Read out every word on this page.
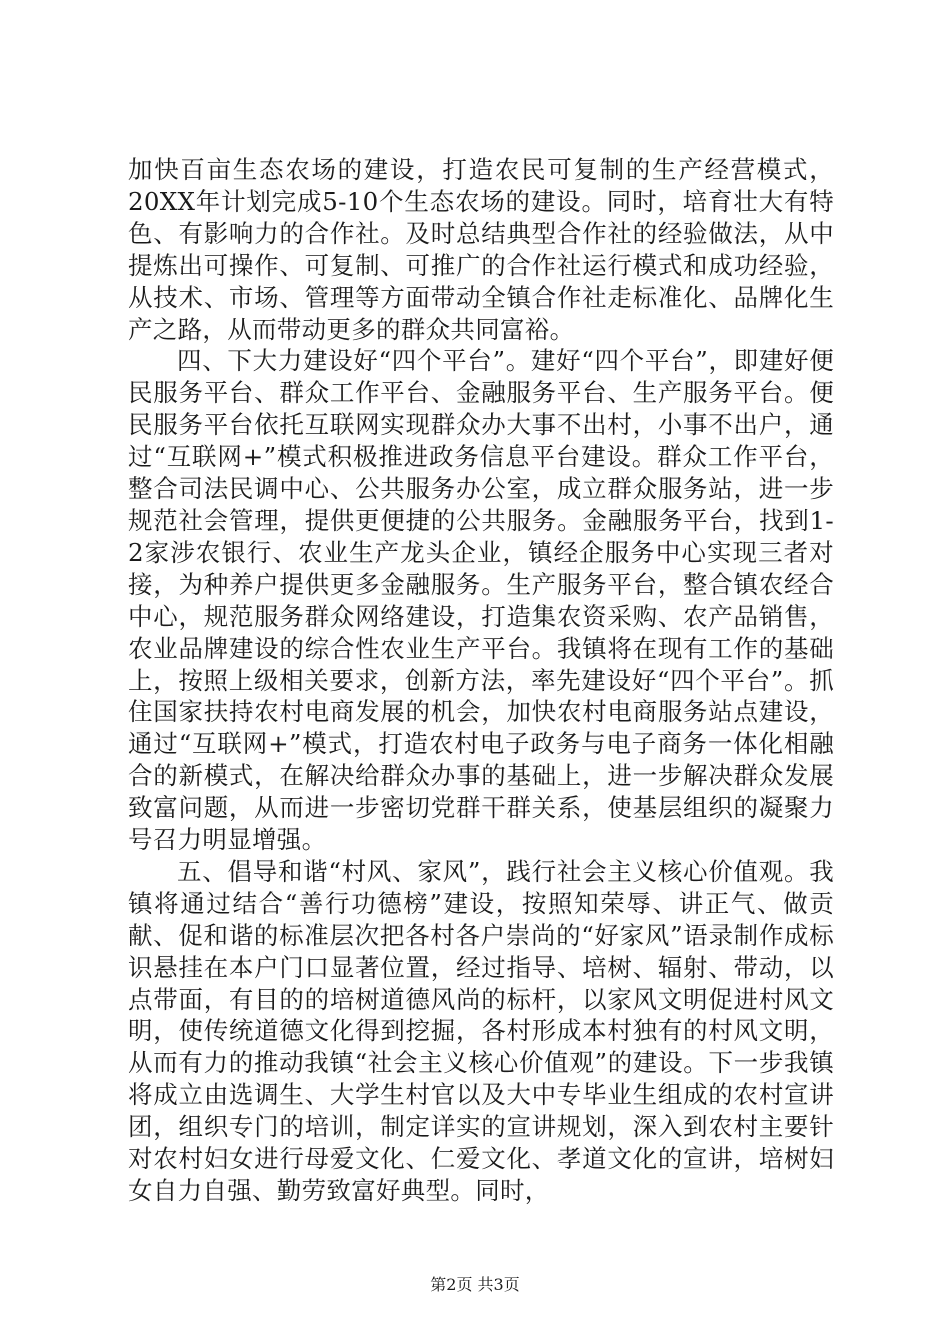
加快百亩生态农场的建设，打造农民可复制的生产经营模式，20XX年计划完成5-10个生态农场的建设。同时，培育壮大有特色、有影响力的合作社。及时总结典型合作社的经验做法，从中提炼出可操作、可复制、可推广的合作社运行模式和成功经验，从技术、市场、管理等方面带动全镇合作社走标准化、品牌化生产之路，从而带动更多的群众共同富裕。

四、下大力建设好“四个平台”。建好“四个平台”，即建好便民服务平台、群众工作平台、金融服务平台、生产服务平台。便民服务平台依托互联网实现群众办大事不出村，小事不出户，通过“互联网+”模式积极推进政务信息平台建设。群众工作平台，整合司法民调中心、公共服务办公室，成立群众服务站，进一步规范社会管理，提供更便捷的公共服务。金融服务平台，找到1-2家涉农银行、农业生产龙头企业，镇经企服务中心实现三者对接，为种养户提供更多金融服务。生产服务平台，整合镇农经合中心，规范服务群众网络建设，打造集农资采购、农产品销售，农业品牌建设的综合性农业生产平台。我镇将在现有工作的基础上，按照上级相关要求，创新方法，率先建设好“四个平台”。抓住国家扶持农村电商发展的机会，加快农村电商服务站点建设，通过“互联网+”模式，打造农村电子政务与电子商务一体化相融合的新模式，在解决给群众办事的基础上，进一步解决群众发展致富问题，从而进一步密切党群干群关系，使基层组织的凝聚力号召力明显增强。

五、倡导和谐“村风、家风”，践行社会主义核心价值观。我镇将通过结合“善行功德榜”建设，按照知荣辱、讲正气、做贡献、促和谐的标准层次把各村各户崇尚的“好家风”语录制作成标识悬挂在本户门口显著位置，经过指导、培树、辐射、带动，以点带面，有目的的培树道德风尚的标杆，以家风文明促进村风文明，使传统道德文化得到挖掘，各村形成本村独有的村风文明，从而有力的推动我镇“社会主义核心价值观”的建设。下一步我镇将成立由选调生、大学生村官以及大中专毕业生组成的农村宣讲团，组织专门的培训，制定详实的宣讲规划，深入到农村主要针对农村妇女进行母爱文化、仁爱文化、孝道文化的宣讲，培树妇女自力自强、勤劳致富好典型。同时，

第2页 共3页
